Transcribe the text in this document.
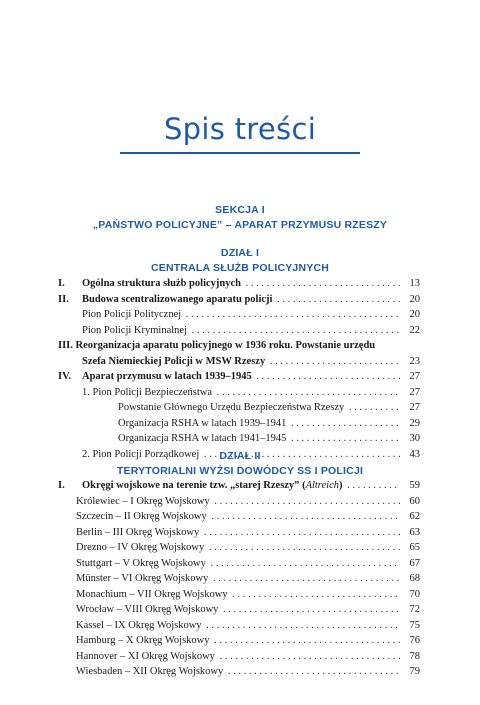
Spis treści
SEKCJA I
„PAŃSTWO POLICYJNE” – APARAT PRZYMUSU RZESZY
DZIAŁ I
CENTRALA SŁUŻB POLICYJNYCH
I. Ogólna struktura służb policyjnych . . .	13
II. Budowa scentralizowanego aparatu policji . . .	20
Pion Policji Politycznej . . .	20
Pion Policji Kryminalnej . . .	22
III. Reorganizacja aparatu policyjnego w 1936 roku. Powstanie urzędu
Szefa Niemieckiej Policji w MSW Rzeszy . . .	23
IV. Aparat przymusu w latach 1939–1945 . . .	27
1. Pion Policji Bezpieczeństwa . . .	27
Powstanie Głównego Urzędu Bezpieczeństwa Rzeszy . . .	27
Organizacja RSHA w latach 1939–1941 . . .	29
Organizacja RSHA w latach 1941–1945 . . .	30
2. Pion Policji Porządkowej . . .	43
DZIAŁ II
TERYTORIALNI WYŻSI DOWÓDCY SS I POLICJI
I. Okręgi wojskowe na terenie tzw. „starej Rzeszy” (Altreich) . . .	59
Królewiec – I Okręg Wojskowy . . .	60
Szczecin – II Okręg Wojskowy . . .	62
Berlin – III Okręg Wojskowy . . .	63
Drezno – IV Okręg Wojskowy . . .	65
Stuttgart – V Okręg Wojskowy . . .	67
Münster – VI Okręg Wojskowy . . .	68
Monachium – VII Okręg Wojskowy . . .	70
Wrocław – VIII Okręg Wojskowy . . .	72
Kassel – IX Okręg Wojskowy . . .	75
Hamburg – X Okręg Wojskowy . . .	76
Hannover – XI Okręg Wojskowy . . .	78
Wiesbaden – XII Okręg Wojskowy . . .	79
